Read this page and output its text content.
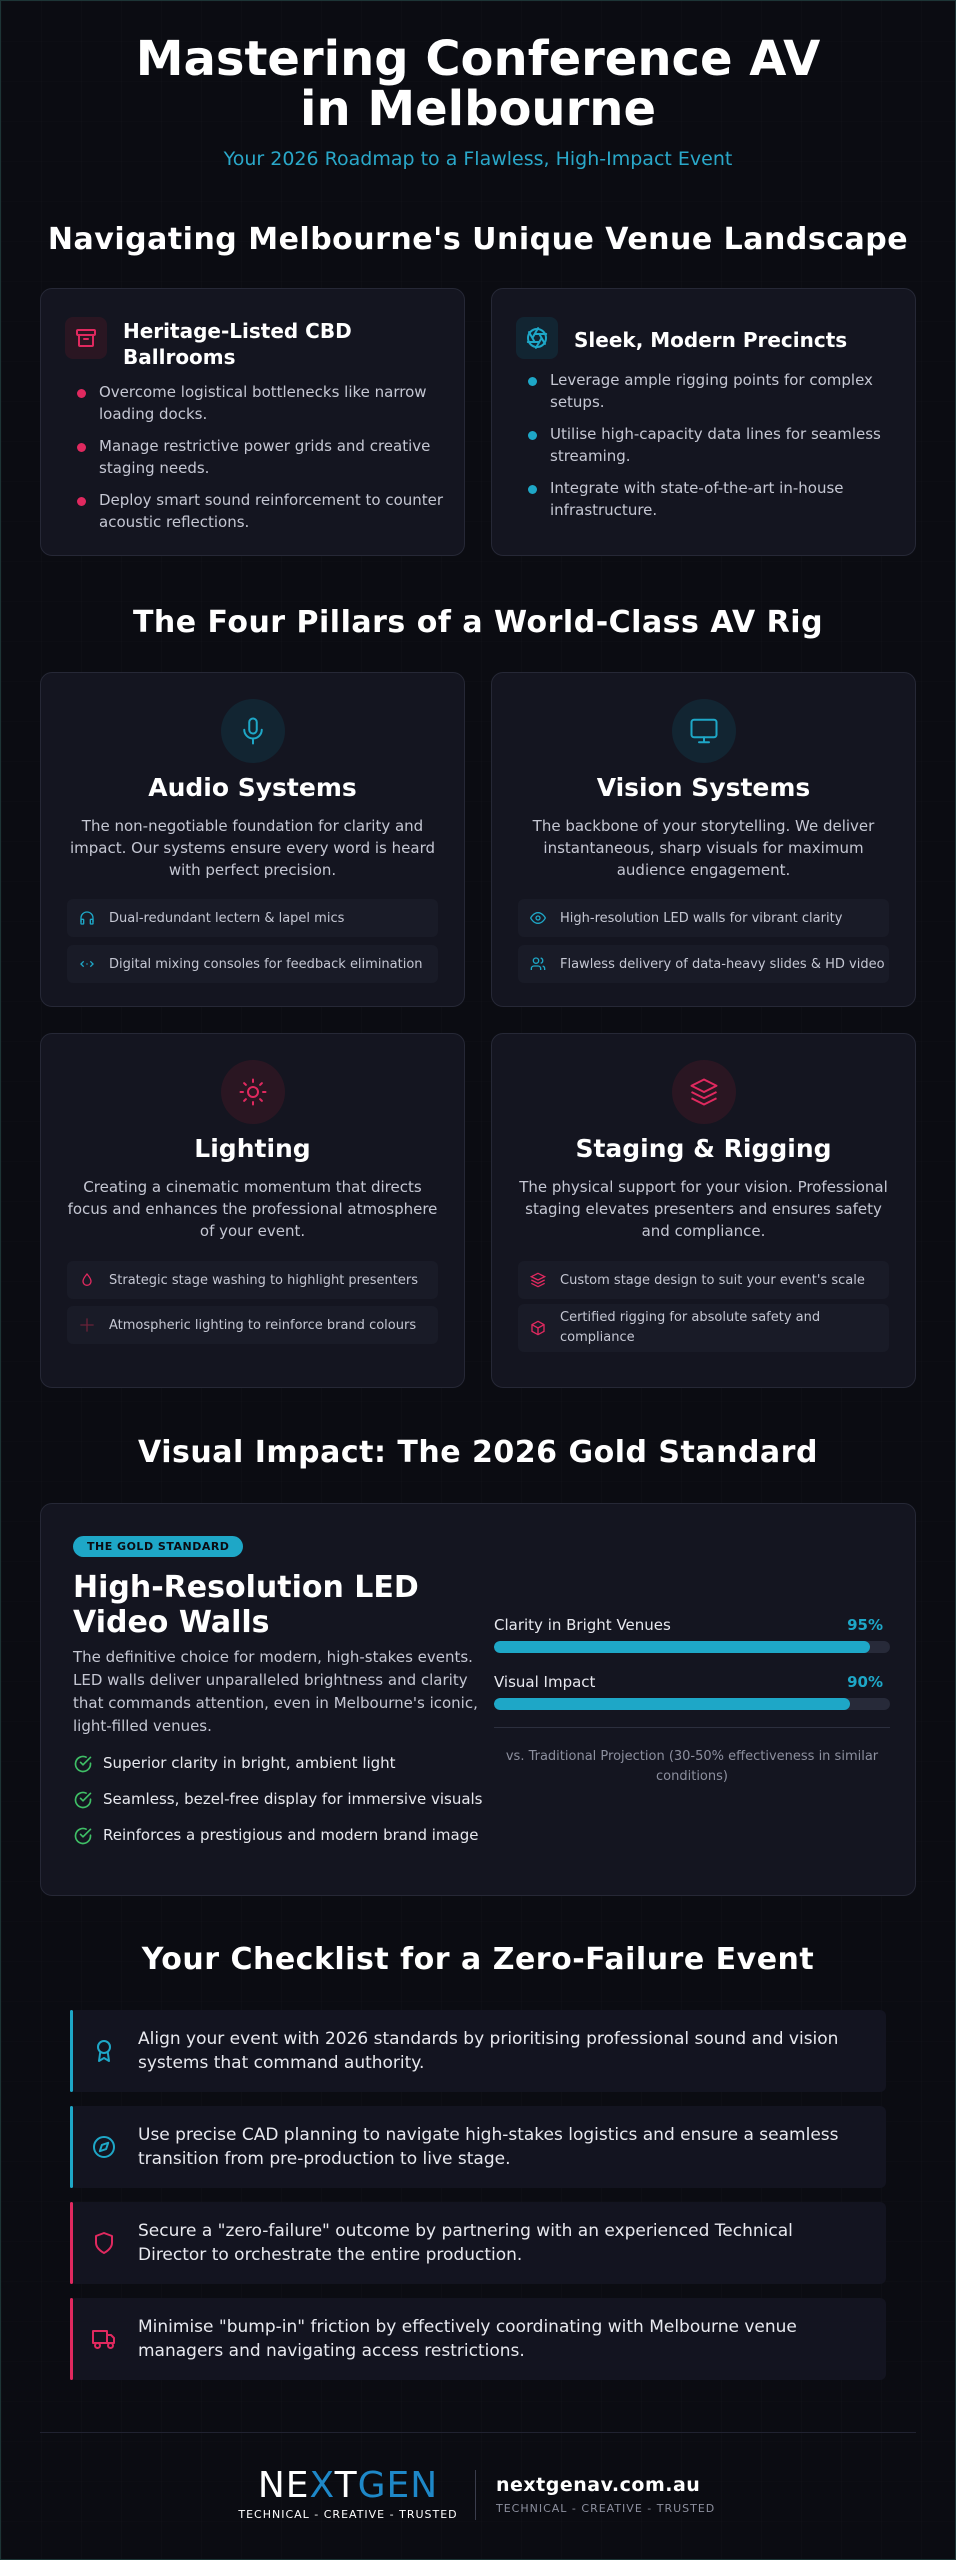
Mastering Conference AV in Melbourne
Your 2026 Roadmap to a Flawless, High-Impact Event
Navigating Melbourne's Unique Venue Landscape
Heritage-Listed CBD Ballrooms
Overcome logistical bottlenecks like narrow loading docks.
Manage restrictive power grids and creative staging needs.
Deploy smart sound reinforcement to counter acoustic reflections.
Sleek, Modern Precincts
Leverage ample rigging points for complex setups.
Utilise high-capacity data lines for seamless streaming.
Integrate with state-of-the-art in-house infrastructure.
The Four Pillars of a World-Class AV Rig
Audio Systems
The non-negotiable foundation for clarity and impact. Our systems ensure every word is heard with perfect precision.
Dual-redundant lectern & lapel mics
Digital mixing consoles for feedback elimination
Vision Systems
The backbone of your storytelling. We deliver instantaneous, sharp visuals for maximum audience engagement.
High-resolution LED walls for vibrant clarity
Flawless delivery of data-heavy slides & HD video
Lighting
Creating a cinematic momentum that directs focus and enhances the professional atmosphere of your event.
Strategic stage washing to highlight presenters
Atmospheric lighting to reinforce brand colours
Staging & Rigging
The physical support for your vision. Professional staging elevates presenters and ensures safety and compliance.
Custom stage design to suit your event's scale
Certified rigging for absolute safety and compliance
Visual Impact: The 2026 Gold Standard
THE GOLD STANDARD
High-Resolution LED Video Walls
The definitive choice for modern, high-stakes events. LED walls deliver unparalleled brightness and clarity that commands attention, even in Melbourne's iconic, light-filled venues.
Superior clarity in bright, ambient light
Seamless, bezel-free display for immersive visuals
Reinforces a prestigious and modern brand image
Clarity in Bright Venues	95%
Visual Impact	90%
vs. Traditional Projection (30-50% effectiveness in similar conditions)
Your Checklist for a Zero-Failure Event
Align your event with 2026 standards by prioritising professional sound and vision systems that command authority.
Use precise CAD planning to navigate high-stakes logistics and ensure a seamless transition from pre-production to live stage.
Secure a "zero-failure" outcome by partnering with an experienced Technical Director to orchestrate the entire production.
Minimise "bump-in" friction by effectively coordinating with Melbourne venue managers and navigating access restrictions.
NEXTGEN
TECHNICAL - CREATIVE - TRUSTED
nextgenav.com.au
TECHNICAL - CREATIVE - TRUSTED
